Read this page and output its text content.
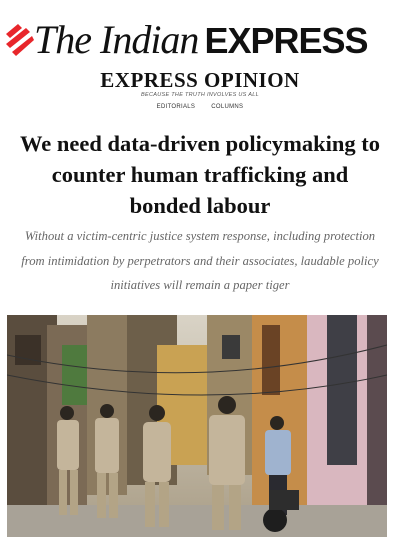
The Indian EXPRESS
EXPRESS OPINION
BECAUSE THE TRUTH INVOLVES US ALL
EDITORIALS	COLUMNS
We need data-driven policymaking to
counter human trafficking and
bonded labour
Without a victim-centric justice system response, including protection
from intimidation by perpetrators and their associates, laudable policy
initiatives will remain a paper tiger
